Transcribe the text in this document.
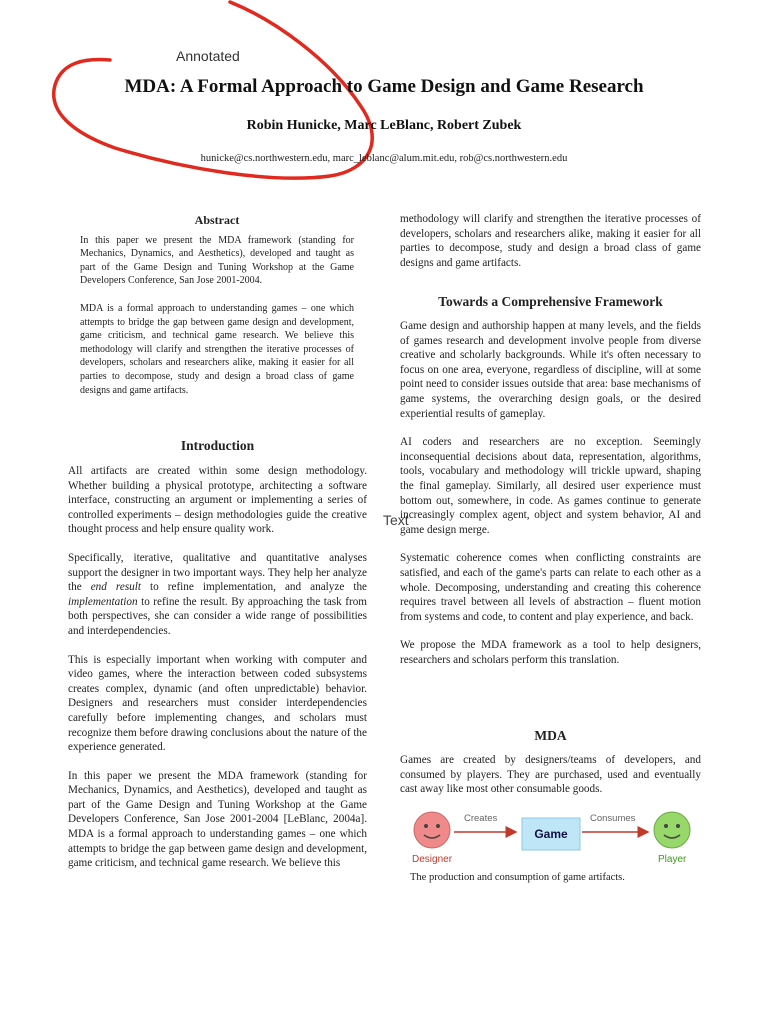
Annotated
MDA: A Formal Approach to Game Design and Game Research
Robin Hunicke, Marc LeBlanc, Robert Zubek
hunicke@cs.northwestern.edu, marc_leblanc@alum.mit.edu, rob@cs.northwestern.edu
Abstract

In this paper we present the MDA framework (standing for Mechanics, Dynamics, and Aesthetics), developed and taught as part of the Game Design and Tuning Workshop at the Game Developers Conference, San Jose 2001-2004.

MDA is a formal approach to understanding games – one which attempts to bridge the gap between game design and development, game criticism, and technical game research. We believe this methodology will clarify and strengthen the iterative processes of developers, scholars and researchers alike, making it easier for all parties to decompose, study and design a broad class of game designs and game artifacts.

Introduction

All artifacts are created within some design methodology. Whether building a physical prototype, architecting a software interface, constructing an argument or implementing a series of controlled experiments – design methodologies guide the creative thought process and help ensure quality work.

Specifically, iterative, qualitative and quantitative analyses support the designer in two important ways. They help her analyze the end result to refine implementation, and analyze the implementation to refine the result. By approaching the task from both perspectives, she can consider a wide range of possibilities and interdependencies.

This is especially important when working with computer and video games, where the interaction between coded subsystems creates complex, dynamic (and often unpredictable) behavior. Designers and researchers must consider interdependencies carefully before implementing changes, and scholars must recognize them before drawing conclusions about the nature of the experience generated.

In this paper we present the MDA framework (standing for Mechanics, Dynamics, and Aesthetics), developed and taught as part of the Game Design and Tuning Workshop at the Game Developers Conference, San Jose 2001-2004 [LeBlanc, 2004a]. MDA is a formal approach to understanding games – one which attempts to bridge the gap between game design and development, game criticism, and technical game research. We believe this

methodology will clarify and strengthen the iterative processes of developers, scholars and researchers alike, making it easier for all parties to decompose, study and design a broad class of game designs and game artifacts.

Towards a Comprehensive Framework

Game design and authorship happen at many levels, and the fields of games research and development involve people from diverse creative and scholarly backgrounds. While it's often necessary to focus on one area, everyone, regardless of discipline, will at some point need to consider issues outside that area: base mechanisms of game systems, the overarching design goals, or the desired experiential results of gameplay.

AI coders and researchers are no exception. Seemingly inconsequential decisions about data, representation, algorithms, tools, vocabulary and methodology will trickle upward, shaping the final gameplay. Similarly, all desired user experience must bottom out, somewhere, in code. As games continue to generate increasingly complex agent, object and system behavior, AI and game design merge.

Systematic coherence comes when conflicting constraints are satisfied, and each of the game's parts can relate to each other as a whole. Decomposing, understanding and creating this coherence requires travel between all levels of abstraction – fluent motion from systems and code, to content and play experience, and back.

We propose the MDA framework as a tool to help designers, researchers and scholars perform this translation.

MDA

Games are created by designers/teams of developers, and consumed by players. They are purchased, used and eventually cast away like most other consumable goods.

Text
Designer
Creates
Game
Consumes
Player
The production and consumption of game artifacts.
